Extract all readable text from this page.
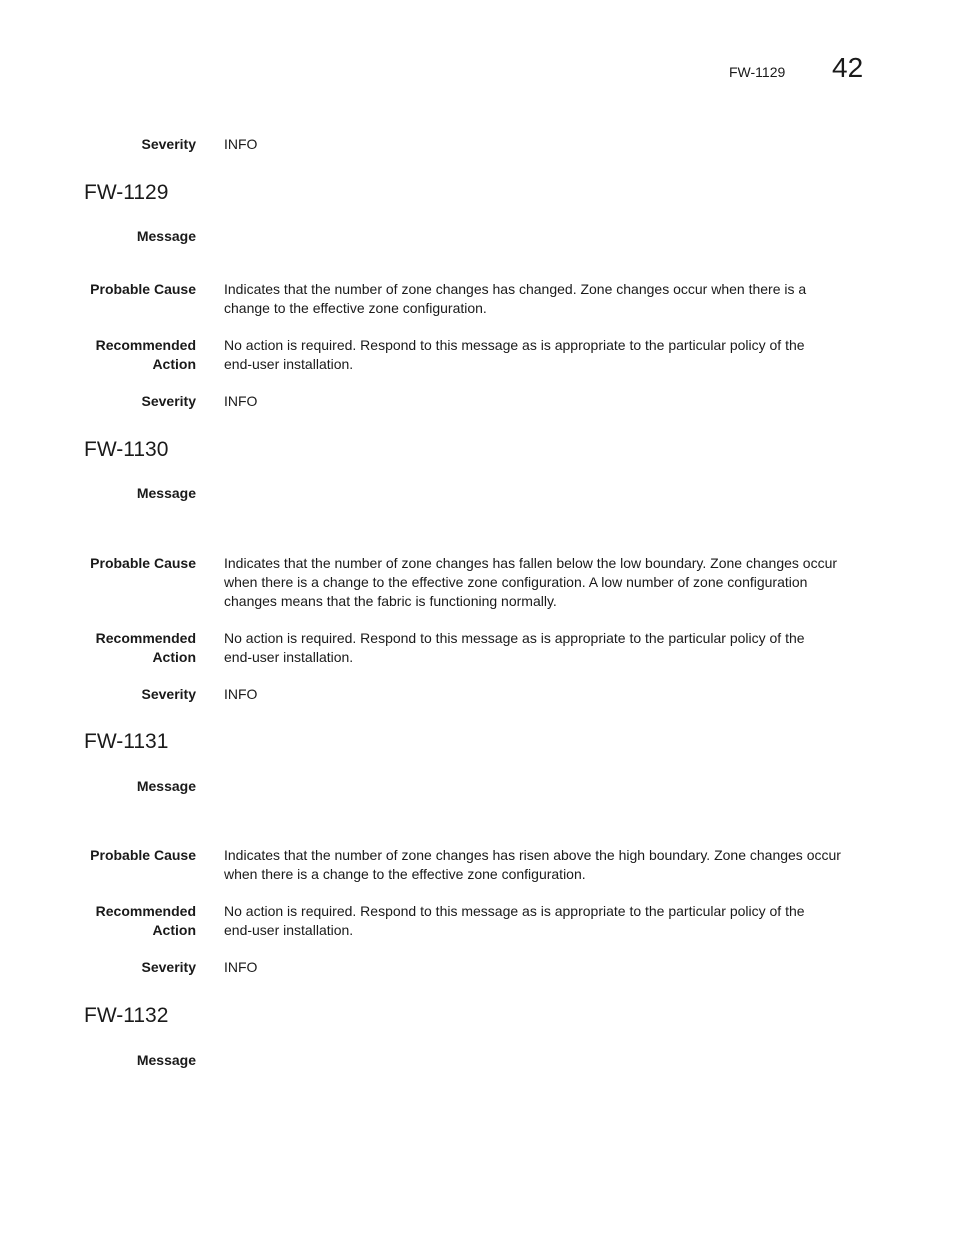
FW-1129 42
Severity INFO
FW-1129
Message
Probable Cause Indicates that the number of zone changes has changed. Zone changes occur when there is a
change to the effective zone configuration.
Recommended
Action
No action is required. Respond to this message as is appropriate to the particular policy of the
end-user installation.
Severity INFO
FW-1130
Message
Probable Cause Indicates that the number of zone changes has fallen below the low boundary. Zone changes occur
when there is a change to the effective zone configuration. A low number of zone configuration
changes means that the fabric is functioning normally.
Recommended
Action
No action is required. Respond to this message as is appropriate to the particular policy of the
end-user installation.
Severity INFO
FW-1131
Message
Probable Cause Indicates that the number of zone changes has risen above the high boundary. Zone changes occur
when there is a change to the effective zone configuration.
Recommended
Action
No action is required. Respond to this message as is appropriate to the particular policy of the
end-user installation.
Severity INFO
FW-1132
Message
